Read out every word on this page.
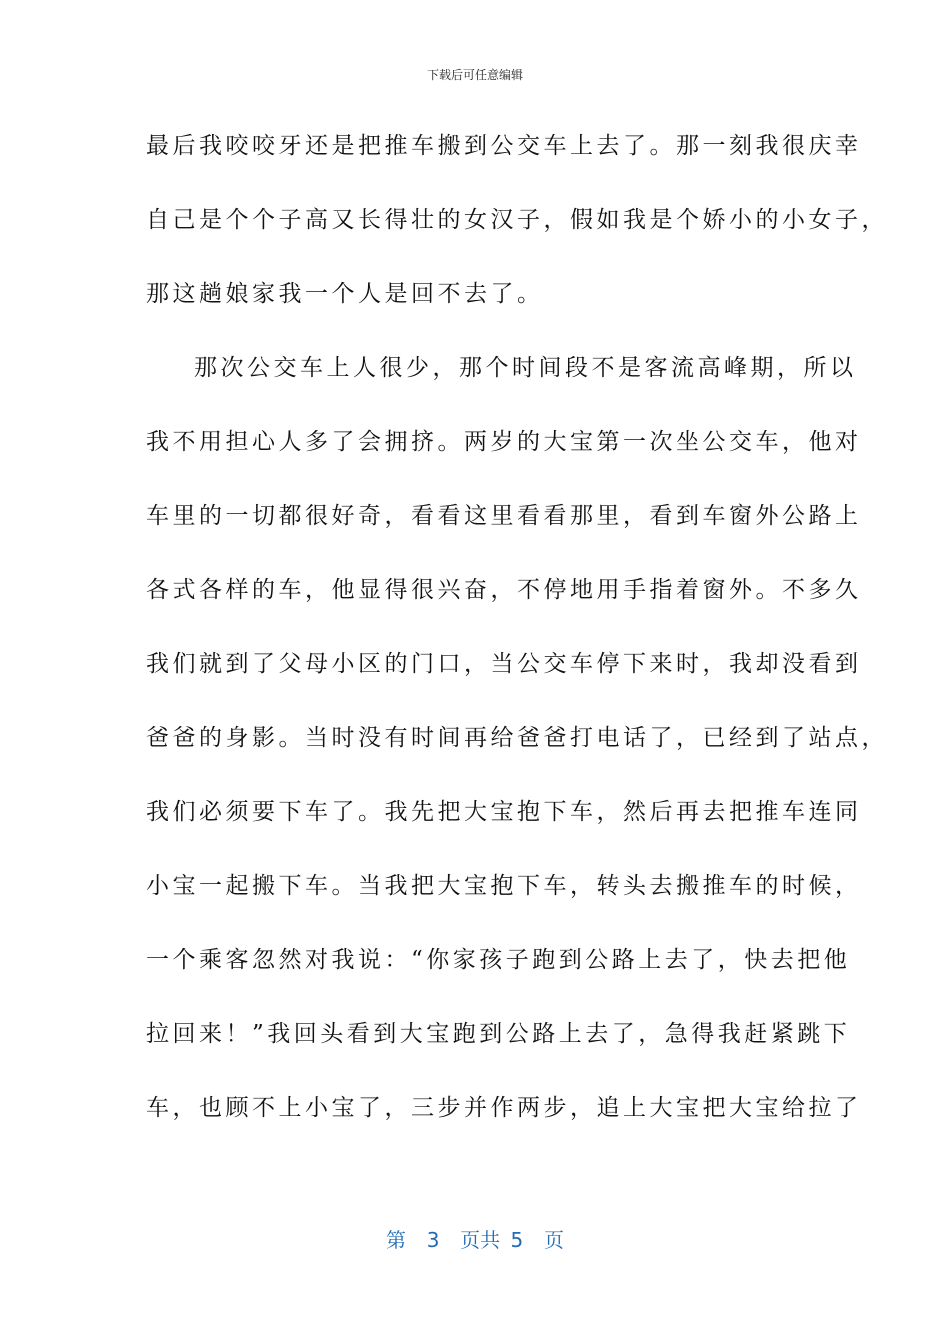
下载后可任意编辑
最后我咬咬牙还是把推车搬到公交车上去了。那一刻我很庆幸
自己是个个子高又长得壮的女汉子，假如我是个娇小的小女子，
那这趟娘家我一个人是回不去了。
那次公交车上人很少，那个时间段不是客流高峰期，所以
我不用担心人多了会拥挤。两岁的大宝第一次坐公交车，他对
车里的一切都很好奇，看看这里看看那里，看到车窗外公路上
各式各样的车，他显得很兴奋，不停地用手指着窗外。不多久
我们就到了父母小区的门口，当公交车停下来时，我却没看到
爸爸的身影。当时没有时间再给爸爸打电话了，已经到了站点，
我们必须要下车了。我先把大宝抱下车，然后再去把推车连同
小宝一起搬下车。当我把大宝抱下车，转头去搬推车的时候，
一个乘客忽然对我说：“你家孩子跑到公路上去了，快去把他
拉回来！”我回头看到大宝跑到公路上去了，急得我赶紧跳下
车，也顾不上小宝了，三步并作两步，追上大宝把大宝给拉了
第  3  页共 5  页
